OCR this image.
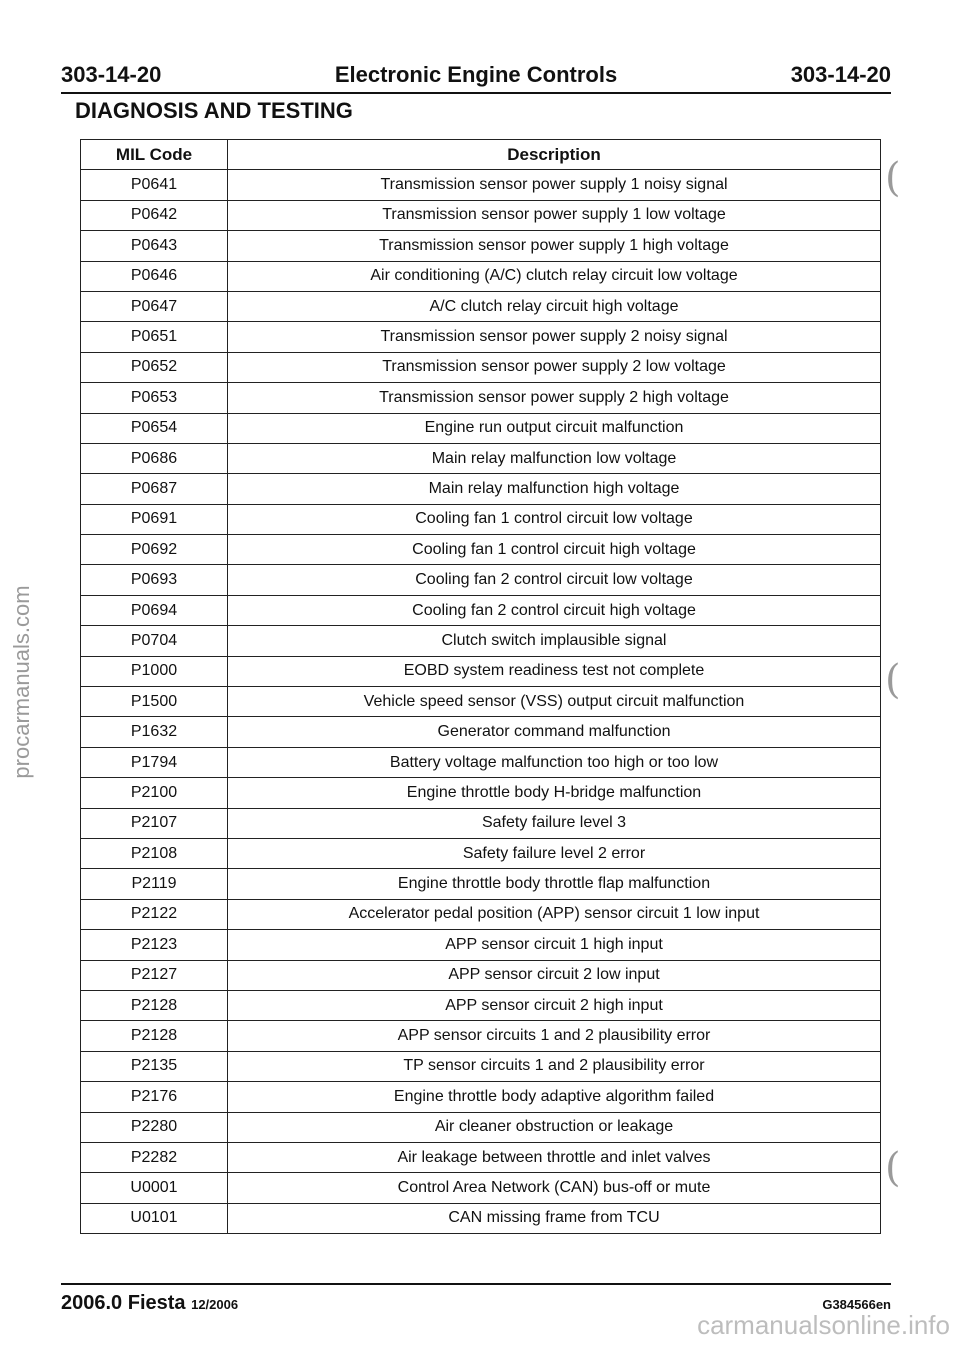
303-14-20	Electronic Engine Controls	303-14-20
DIAGNOSIS AND TESTING
MIL Code	Description
P0641	Transmission sensor power supply 1 noisy signal
P0642	Transmission sensor power supply 1 low voltage
P0643	Transmission sensor power supply 1 high voltage
P0646	Air conditioning (A/C) clutch relay circuit low voltage
P0647	A/C clutch relay circuit high voltage
P0651	Transmission sensor power supply 2 noisy signal
P0652	Transmission sensor power supply 2 low voltage
P0653	Transmission sensor power supply 2 high voltage
P0654	Engine run output circuit malfunction
P0686	Main relay malfunction low voltage
P0687	Main relay malfunction high voltage
P0691	Cooling fan 1 control circuit low voltage
P0692	Cooling fan 1 control circuit high voltage
P0693	Cooling fan 2 control circuit low voltage
P0694	Cooling fan 2 control circuit high voltage
P0704	Clutch switch implausible signal
P1000	EOBD system readiness test not complete
P1500	Vehicle speed sensor (VSS) output circuit malfunction
P1632	Generator command malfunction
P1794	Battery voltage malfunction too high or too low
P2100	Engine throttle body H-bridge malfunction
P2107	Safety failure level 3
P2108	Safety failure level 2 error
P2119	Engine throttle body throttle flap malfunction
P2122	Accelerator pedal position (APP) sensor circuit 1 low input
P2123	APP sensor circuit 1 high input
P2127	APP sensor circuit 2 low input
P2128	APP sensor circuit 2 high input
P2128	APP sensor circuits 1 and 2 plausibility error
P2135	TP sensor circuits 1 and 2 plausibility error
P2176	Engine throttle body adaptive algorithm failed
P2280	Air cleaner obstruction or leakage
P2282	Air leakage between throttle and inlet valves
U0001	Control Area Network (CAN) bus-off or mute
U0101	CAN missing frame from TCU
(
(
(
2006.0 Fiesta 12/2006	G384566en
procarmanuals.com
carmanualsonline.info
